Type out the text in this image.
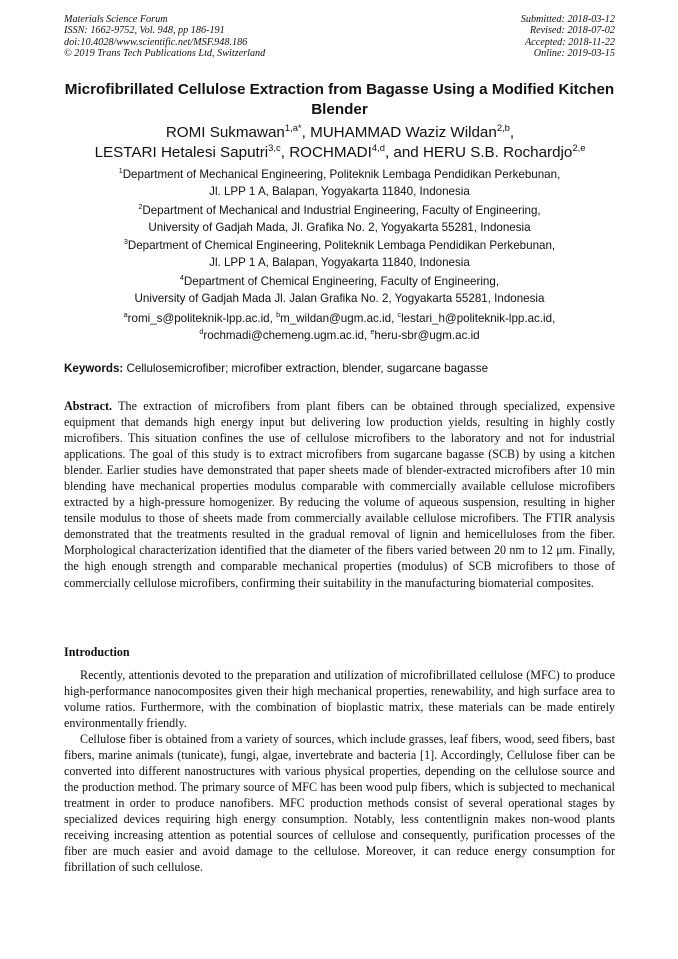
Materials Science Forum
ISSN: 1662-9752, Vol. 948, pp 186-191
doi:10.4028/www.scientific.net/MSF.948.186
© 2019 Trans Tech Publications Ltd, Switzerland
Submitted: 2018-03-12
Revised: 2018-07-02
Accepted: 2018-11-22
Online: 2019-03-15
Microfibrillated Cellulose Extraction from Bagasse Using a Modified Kitchen Blender
ROMI Sukmawan$^{1,a*}$, MUHAMMAD Waziz Wildan$^{2,b}$,
LESTARI Hetalesi Saputri$^{3,c}$, ROCHMADI$^{4,d}$, and HERU S.B. Rochardjo$^{2,e}$
$^1$Department of Mechanical Engineering, Politeknik Lembaga Pendidikan Perkebunan,
Jl. LPP 1 A, Balapan, Yogyakarta 11840, Indonesia
$^2$Department of Mechanical and Industrial Engineering, Faculty of Engineering,
University of Gadjah Mada, Jl. Grafika No. 2, Yogyakarta 55281, Indonesia
$^3$Department of Chemical Engineering, Politeknik Lembaga Pendidikan Perkebunan,
Jl. LPP 1 A, Balapan, Yogyakarta 11840, Indonesia
$^4$Department of Chemical Engineering, Faculty of Engineering,
University of Gadjah Mada Jl. Jalan Grafika No. 2, Yogyakarta 55281, Indonesia
$^a$romi_s@politeknik-lpp.ac.id, $^b$m_wildan@ugm.ac.id, $^c$lestari_h@politeknik-lpp.ac.id,
$^d$rochmadi@chemeng.ugm.ac.id, $^e$heru-sbr@ugm.ac.id
Keywords: Cellulosemicrofiber; microfiber extraction, blender, sugarcane bagasse
Abstract. The extraction of microfibers from plant fibers can be obtained through specialized, expensive equipment that demands high energy input but delivering low production yields, resulting in highly costly microfibers. This situation confines the use of cellulose microfibers to the laboratory and not for industrial applications. The goal of this study is to extract microfibers from sugarcane bagasse (SCB) by using a kitchen blender. Earlier studies have demonstrated that paper sheets made of blender-extracted microfibers after 10 min blending have mechanical properties modulus comparable with commercially available cellulose microfibers extracted by a high-pressure homogenizer. By reducing the volume of aqueous suspension, resulting in higher tensile modulus to those of sheets made from commercially available cellulose microfibers. The FTIR analysis demonstrated that the treatments resulted in the gradual removal of lignin and hemicelluloses from the fiber. Morphological characterization identified that the diameter of the fibers varied between 20 nm to 12 μm. Finally, the high enough strength and comparable mechanical properties (modulus) of SCB microfibers to those of commercially cellulose microfibers, confirming their suitability in the manufacturing biomaterial composites.
Introduction

Recently, attentionis devoted to the preparation and utilization of microfibrillated cellulose (MFC) to produce high-performance nanocomposites given their high mechanical properties, renewability, and high surface area to volume ratios. Furthermore, with the combination of bioplastic matrix, these materials can be made entirely environmentally friendly.

Cellulose fiber is obtained from a variety of sources, which include grasses, leaf fibers, wood, seed fibers, bast fibers, marine animals (tunicate), fungi, algae, invertebrate and bacteria [1]. Accordingly, Cellulose fiber can be converted into different nanostructures with various physical properties, depending on the cellulose source and the production method. The primary source of MFC has been wood pulp fibers, which is subjected to mechanical treatment in order to produce nanofibers. MFC production methods consist of several operational stages by specialized devices requiring high energy consumption. Notably, less contentlignin makes non-wood plants receiving increasing attention as potential sources of cellulose and consequently, purification processes of the fiber are much easier and avoid damage to the cellulose. Moreover, it can reduce energy consumption for fibrillation of such cellulose.
